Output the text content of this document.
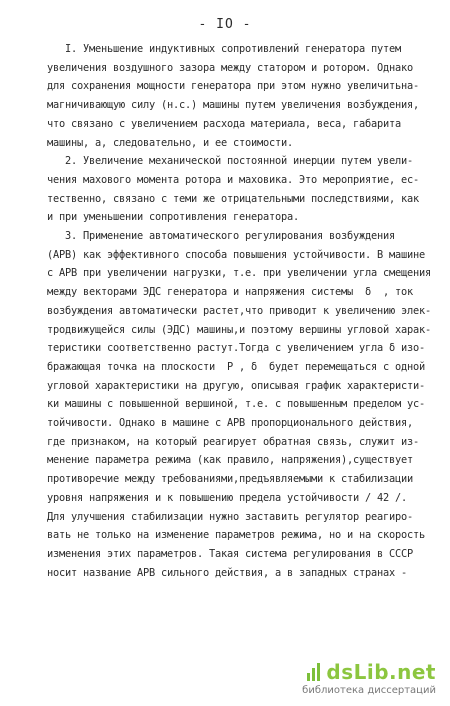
- IO -
I. Уменьшение индуктивных сопротивлений генератора путем
увеличения воздушного зазора между статором и ротором. Однако
для сохранения мощности генератора при этом нужно увеличитьна-
магничивающую силу (н.с.) машины путем увеличения возбуждения,
что связано с увеличением расхода материала, веса, габарита
машины, а, следовательно, и ее стоимости.
2. Увеличение механической постоянной инерции путем увели-
чения махового момента ротора и маховика. Это мероприятие, ес-
тественно, связано с теми же отрицательными последствиями, как
и при уменьшении сопротивления генератора.
3. Применение автоматического регулирования возбуждения
(АРВ) как эффективного способа повышения устойчивости. В машине
с АРВ при увеличении нагрузки, т.е. при увеличении угла смещения
между векторами ЭДС генератора и напряжения системы  δ  , ток
возбуждения автоматически растет,что приводит к увеличению элек-
тродвижущейся силы (ЭДС) машины,и поэтому вершины угловой харак-
теристики соответственно растут.Тогда с увеличением угла δ изо-
бражающая точка на плоскости  P , δ  будет перемещаться с одной
угловой характеристики на другую, описывая график характеристи-
ки машины с повышенной вершиной, т.е. с повышенным пределом ус-
тойчивости. Однако в машине с АРВ пропорционального действия,
где признаком, на который реагирует обратная связь, служит из-
менение параметра режима (как правило, напряжения),существует
противоречие между требованиями,предъявляемыми к стабилизации
уровня напряжения и к повышению предела устойчивости / 42 /.
Для улучшения стабилизации нужно заставить регулятор реагиро-
вать не только на изменение параметров режима, но и на скорость
изменения этих параметров. Такая система регулирования в СССР
носит название АРВ сильного действия, а в западных странах -
dsLib.net
библиотека диссертаций
